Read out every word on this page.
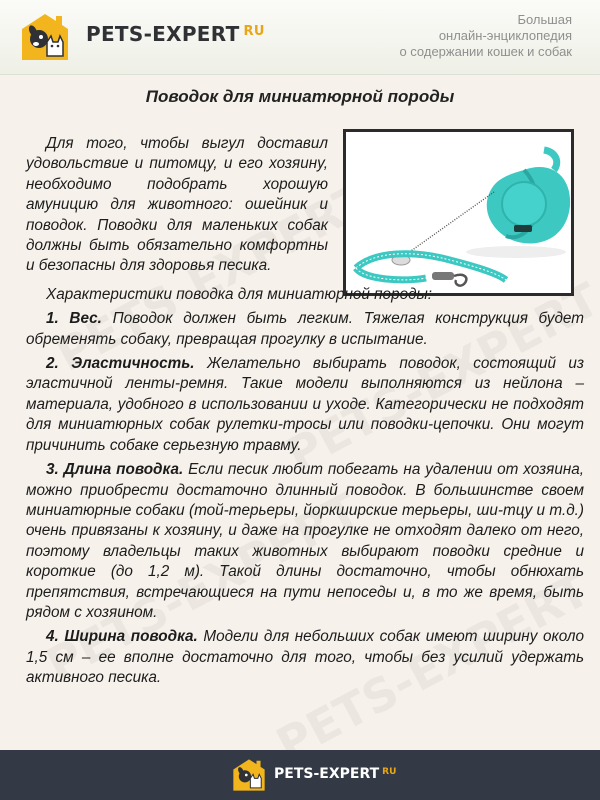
PETS-EXPERT $^{RU}$
Большая
онлайн-энциклопедия
о содержании кошек и собак
Поводок для миниатюрной породы

Для того, чтобы выгул доставил удовольствие и питомцу, и его хозяину, необходимо подобрать хорошую амуницию для животного: ошейник и поводок. Поводки для маленьких собак должны быть обязательно комфортны и безопасны для здоровья песика.

Характеристики поводка для миниатюрной породы:

1. Вес. Поводок должен быть легким. Тяжелая конструкция будет обременять собаку, превращая прогулку в испытание.

2. Эластичность. Желательно выбирать поводок, состоящий из эластичной ленты-ремня. Такие модели выполняются из нейлона – материала, удобного в использовании и уходе. Категорически не подходят для миниатюрных собак рулетки-тросы или поводки-цепочки. Они могут причинить собаке серьезную травму.

3. Длина поводка. Если песик любит побегать на удалении от хозяина, можно приобрести достаточно длинный поводок. В большинстве своем миниатюрные собаки (той-терьеры, йоркширские терьеры, ши-тцу и т.д.) очень привязаны к хозяину, и даже на прогулке не отходят далеко от него, поэтому владельцы таких животных выбирают поводки средние и короткие (до 1,2 м). Такой длины достаточно, чтобы обнюхать препятствия, встречающиеся на пути непоседы и, в то же время, быть рядом с хозяином.

4. Ширина поводка. Модели для небольших собак имеют ширину около 1,5 см – ее вполне достаточно для того, чтобы без усилий удержать активного песика.

PETS-EXPERT $^{RU}$
